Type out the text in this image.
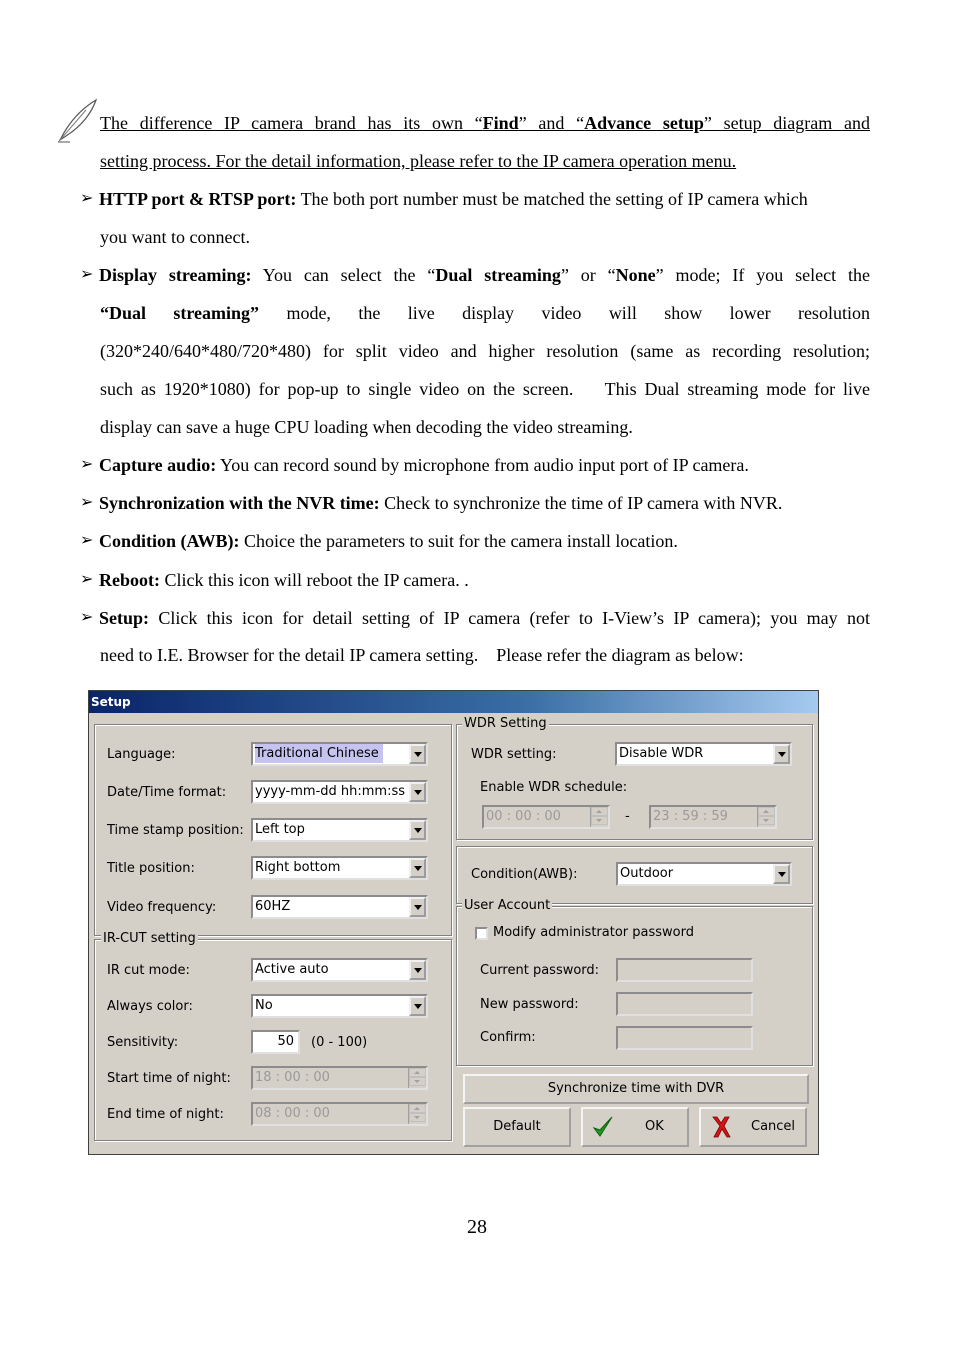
The difference IP camera brand has its own “Find” and “Advance setup” setup diagram and
setting process. For the detail information, please refer to the IP camera operation menu.
➢ HTTP port & RTSP port: The both port number must be matched the setting of IP camera which
you want to connect.
➢ Display streaming: You can select the “Dual streaming” or “None” mode; If you select the
“Dual streaming” mode, the live display video will show lower resolution
(320*240/640*480/720*480) for split video and higher resolution (same as recording resolution;
such as 1920*1080) for pop-up to single video on the screen.    This Dual streaming mode for live
display can save a huge CPU loading when decoding the video streaming.
➢ Capture audio: You can record sound by microphone from audio input port of IP camera.
➢ Synchronization with the NVR time: Check to synchronize the time of IP camera with NVR.
➢ Condition (AWB): Choice the parameters to suit for the camera install location.
➢ Reboot: Click this icon will reboot the IP camera. .
➢ Setup: Click this icon for detail setting of IP camera (refer to I-View’s IP camera); you may not
need to I.E. Browser for the detail IP camera setting.    Please refer the diagram as below:
Setup
Language:	Traditional Chinese
Date/Time format:	yyyy-mm-dd hh:mm:ss
Time stamp position: Left top
Title position:	Right bottom
Video frequency:	60HZ
IR-CUT setting
IR cut mode:	Active auto
Always color:	No
Sensitivity:	50	(0 - 100)
Start time of night:	18 : 00 : 00
End time of night:	08 : 00 : 00
WDR Setting
WDR setting:	Disable WDR
Enable WDR schedule:
00 : 00 : 00	-	23 : 59 : 59
Condition(AWB):	Outdoor
User Account
Modify administrator password
Current password:
New password:
Confirm:
Synchronize time with DVR
Default	OK	Cancel
28
